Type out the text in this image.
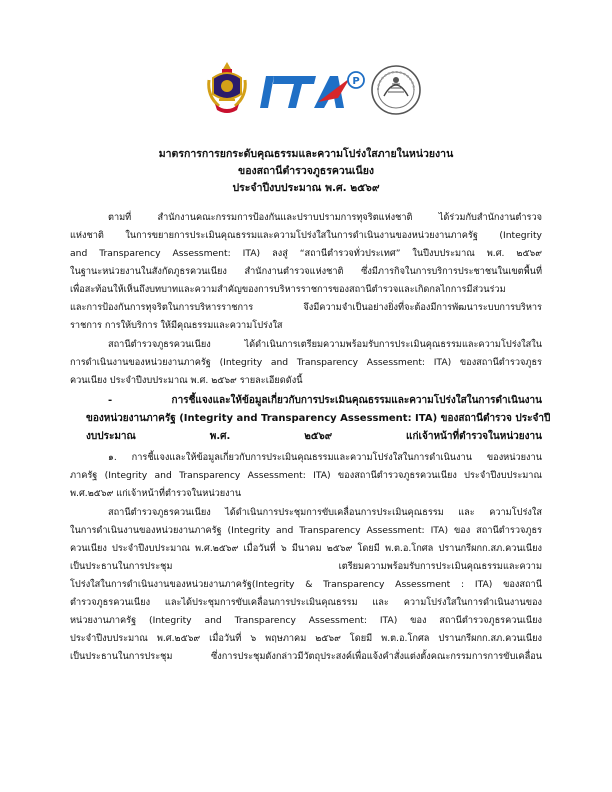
P
มาตรการการยกระดับคุณธรรมและความโปร่งใสภายในหน่วยงาน
ของสถานีตำรวจภูธรควนเนียง
ประจำปีงบประมาณ พ.ศ. ๒๕๖๙
ตามที่ สำนักงานคณะกรรมการป้องกันและปราบปรามการทุจริตแห่งชาติ ได้ร่วมกับสำนักงานตำรวจ
แห่งชาติ ในการขยายการประเมินคุณธรรมและความโปร่งใสในการดำเนินงานของหน่วยงานภาครัฐ (Integrity
and Transparency Assessment: ITA) ลงสู่ “สถานีตำรวจทั่วประเทศ” ในปีงบประมาณ พ.ศ. ๒๕๖๙
ในฐานะหน่วยงานในสังกัดภูธรควนเนียง สำนักงานตำรวจแห่งชาติ ซึ่งมีภารกิจในการบริการประชาชนในเขตพื้นที่
เพื่อสะท้อนให้เห็นถึงบทบาทและความสำคัญของการบริหารราชการของสถานีตำรวจและเกิดกลไกการมีส่วนร่วม
และการป้องกันการทุจริตในการบริหารราชการ จึงมีความจำเป็นอย่างยิ่งที่จะต้องมีการพัฒนาระบบการบริหาร
ราชการ การให้บริการ ให้มีคุณธรรมและความโปร่งใส
สถานีตำรวจภูธรควนเนียง ได้ดำเนินการเตรียมความพร้อมรับการประเมินคุณธรรมและความโปร่งใสใน
การดำเนินงานของหน่วยงานภาครัฐ (Integrity and Transparency Assessment: ITA) ของสถานีตำรวจภูธร
ควนเนียง ประจำปีงบประมาณ พ.ศ. ๒๕๖๙ รายละเอียดดังนี้
- การชี้แจงและให้ข้อมูลเกี่ยวกับการประเมินคุณธรรมและความโปร่งใสในการดำเนินงาน
ของหน่วยงานภาครัฐ (Integrity and Transparency Assessment: ITA) ของสถานีตำรวจ ประจำปี
งบประมาณ พ.ศ. ๒๕๖๙ แก่เจ้าหน้าที่ตำรวจในหน่วยงาน
๑. การชี้แจงและให้ข้อมูลเกี่ยวกับการประเมินคุณธรรมและความโปร่งใสในการดำเนินงาน ของหน่วยงาน
ภาครัฐ (Integrity and Transparency Assessment: ITA) ของสถานีตำรวจภูธรควนเนียง ประจำปีงบประมาณ
พ.ศ.๒๕๖๙ แก่เจ้าหน้าที่ตำรวจในหน่วยงาน
สถานีตำรวจภูธรควนเนียง ได้ดำเนินการประชุมการขับเคลื่อนการประเมินคุณธรรม และ ความโปร่งใส
ในการดำเนินงานของหน่วยงานภาครัฐ (Integrity and Transparency Assessment: ITA) ของ สถานีตำรวจภูธร
ควนเนียง ประจำปีงบประมาณ พ.ศ.๒๕๖๙ เมื่อวันที่ ๖ มีนาคม ๒๕๖๙ โดยมี พ.ต.อ.โกศล ปรานกรีผกก.สภ.ควนเนียง
เป็นประธานในการประชุม เตรียมความพร้อมรับการประเมินคุณธรรมและความ
โปร่งใสในการดำเนินงานของหน่วยงานภาครัฐ(Integrity & Transparency Assessment : ITA) ของสถานี
ตำรวจภูธรควนเนียง และได้ประชุมการขับเคลื่อนการประเมินคุณธรรม และ ความโปร่งใสในการดำเนินงานของ
หน่วยงานภาครัฐ (Integrity and Transparency Assessment: ITA) ของ สถานีตำรวจภูธรควนเนียง
ประจำปีงบประมาณ พ.ศ.๒๕๖๙ เมื่อวันที่ ๖ พฤษภาคม ๒๕๖๙ โดยมี พ.ต.อ.โกศล ปรานกรีผกก.สภ.ควนเนียง
เป็นประธานในการประชุม ซึ่งการประชุมดังกล่าวมีวัตถุประสงค์เพื่อแจ้งคำสั่งแต่งตั้งคณะกรรมการการขับเคลื่อน
